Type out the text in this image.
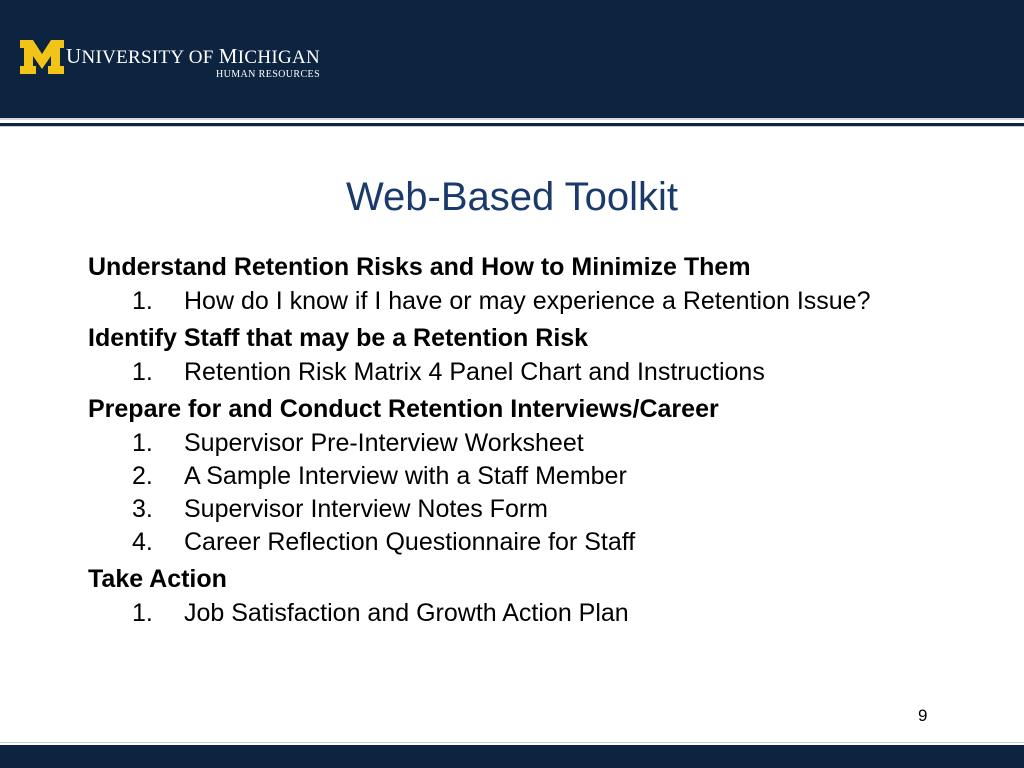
UNIVERSITY OF MICHIGAN
HUMAN RESOURCES
Web-Based Toolkit
Understand Retention Risks and How to Minimize Them
1. How do I know if I have or may experience a Retention Issue?
Identify Staff that may be a Retention Risk
1. Retention Risk Matrix 4 Panel Chart and Instructions
Prepare for and Conduct Retention Interviews/Career
1. Supervisor Pre-Interview Worksheet
2. A Sample Interview with a Staff Member
3. Supervisor Interview Notes Form
4. Career Reflection Questionnaire for Staff
Take Action
1. Job Satisfaction and Growth Action Plan
9
